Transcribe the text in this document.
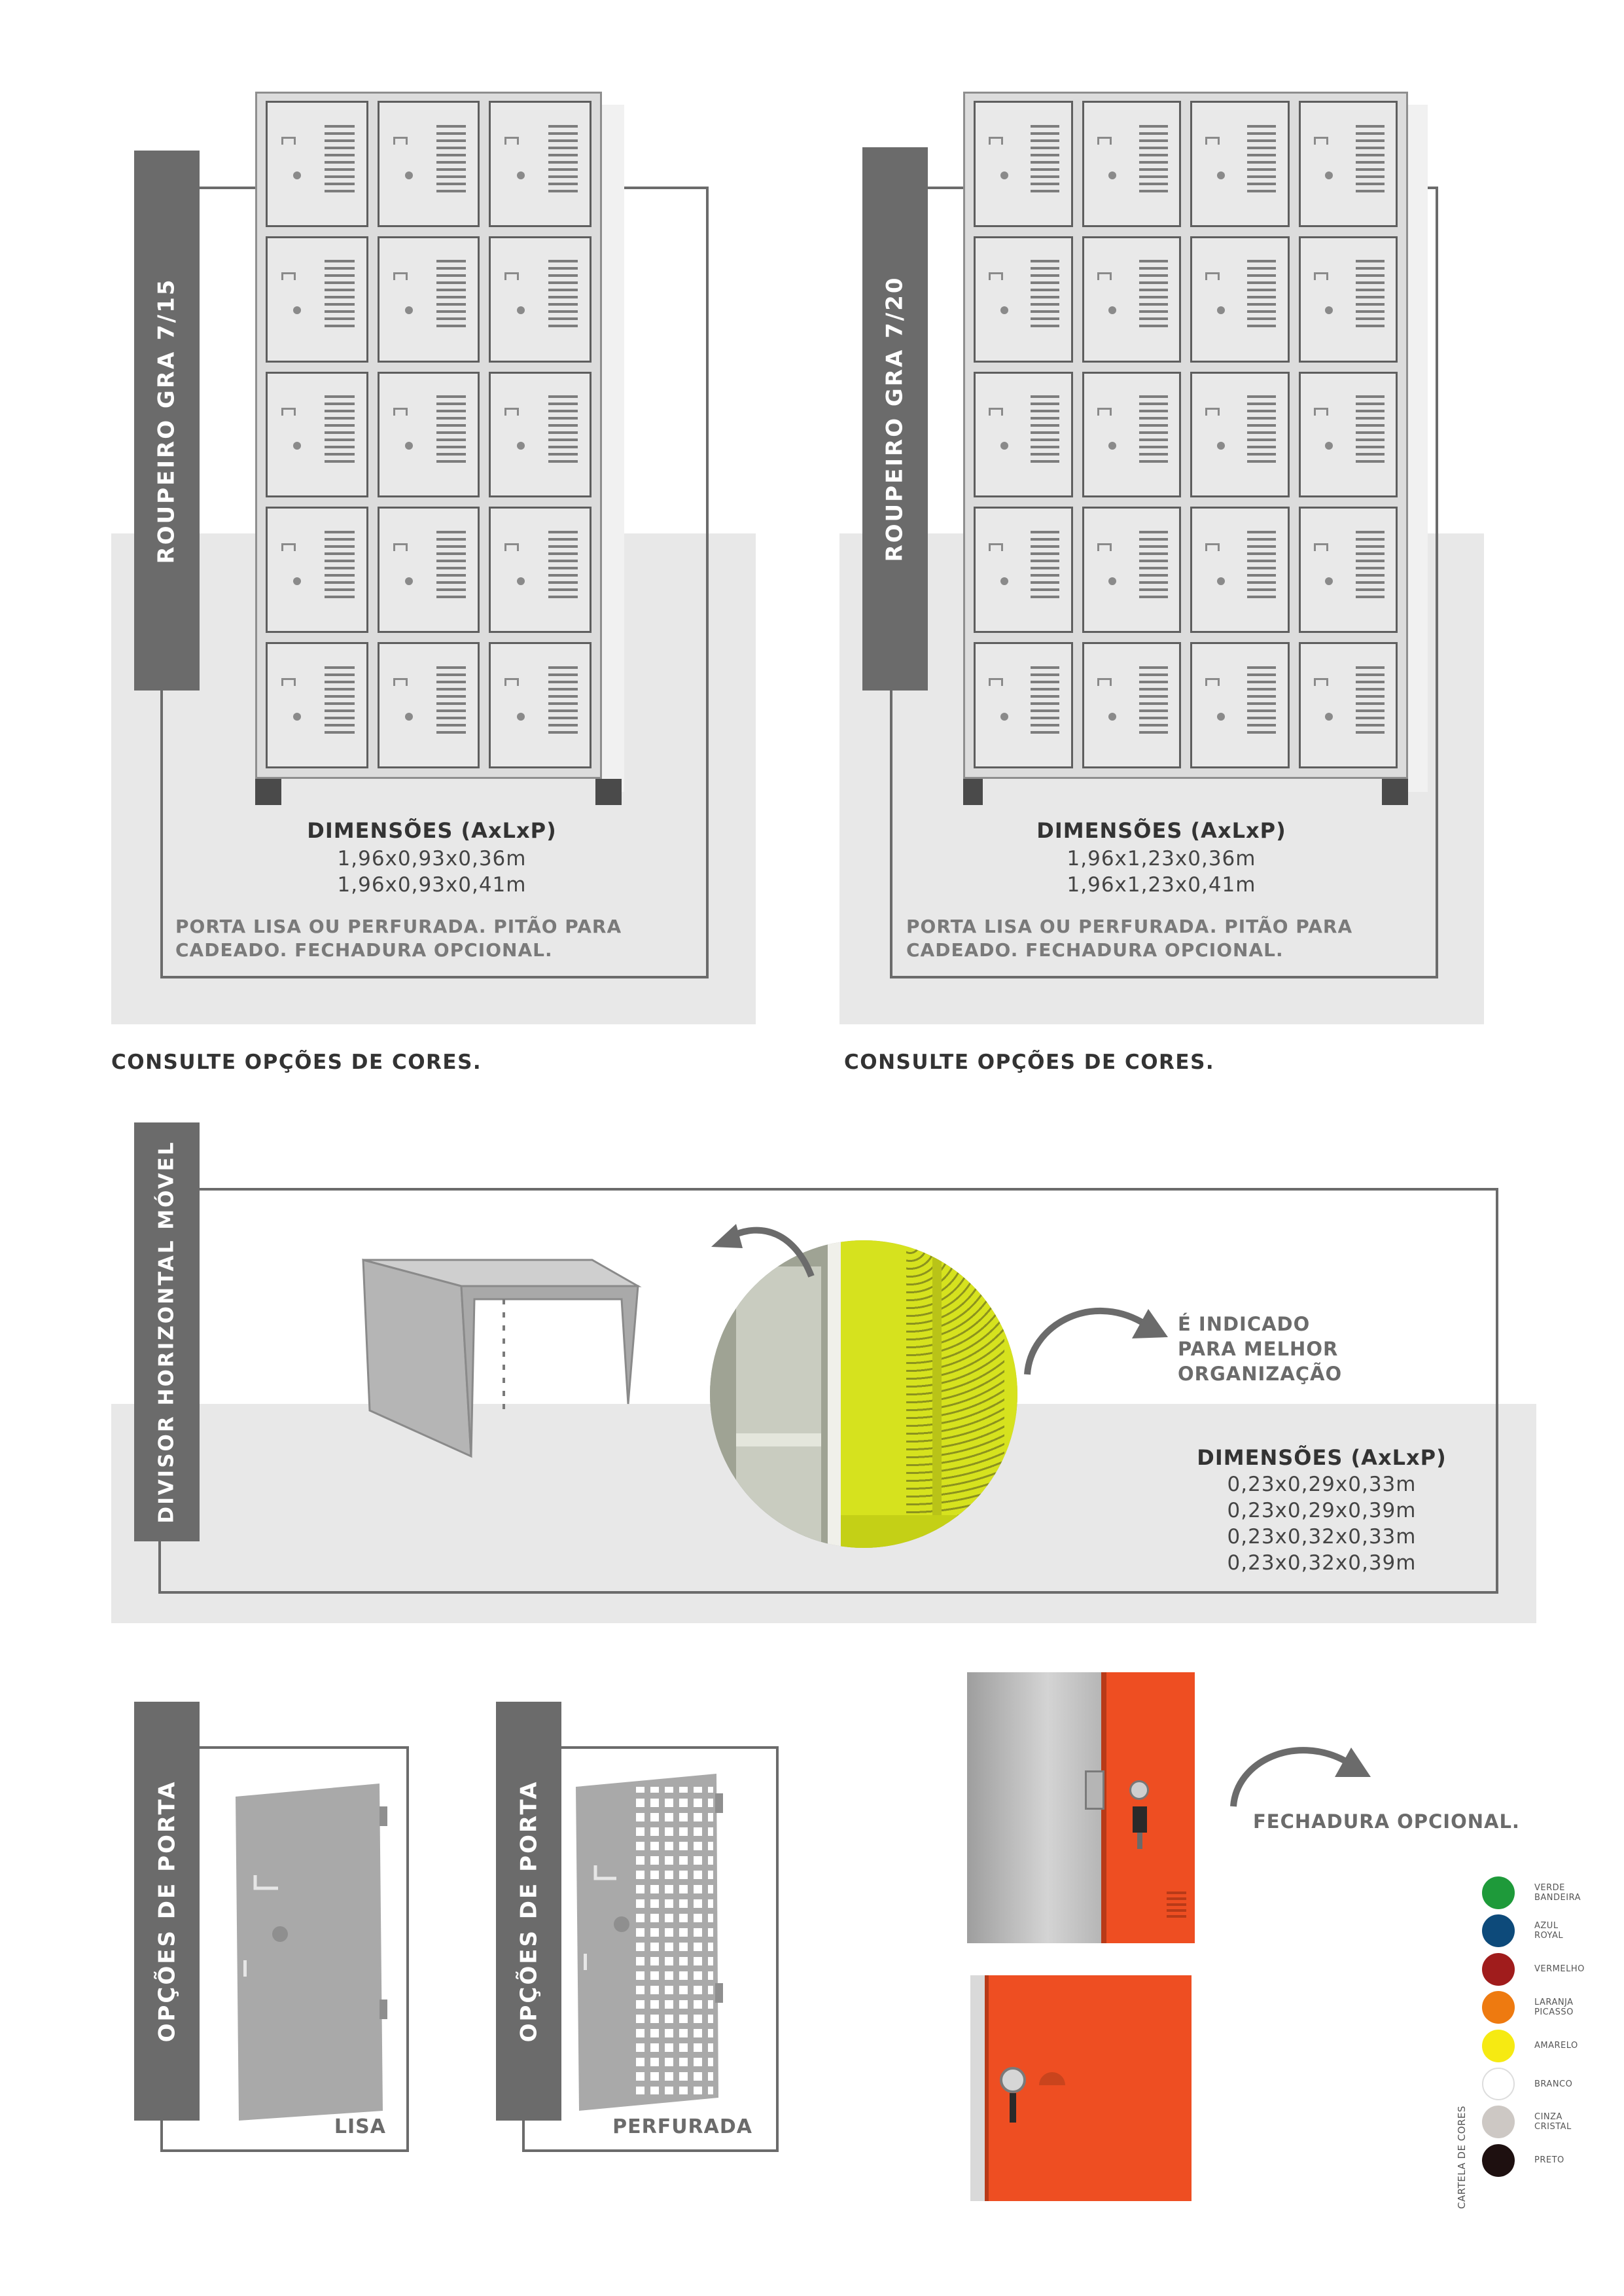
ROUPEIRO GRA 7/15
DIMENSÕES (AxLxP)
1,96x0,93x0,36m
1,96x0,93x0,41m
PORTA LISA OU PERFURADA. PITÃO PARA
CADEADO. FECHADURA OPCIONAL.
CONSULTE OPÇÕES DE CORES.
ROUPEIRO GRA 7/20
DIMENSÕES (AxLxP)
1,96x1,23x0,36m
1,96x1,23x0,41m
PORTA LISA OU PERFURADA. PITÃO PARA
CADEADO. FECHADURA OPCIONAL.
CONSULTE OPÇÕES DE CORES.
DIVISOR HORIZONTAL MÓVEL	É INDICADO
PARA MELHOR
ORGANIZAÇÃO
DIMENSÕES (AxLxP)
0,23x0,29x0,33m
0,23x0,29x0,39m
0,23x0,32x0,33m
0,23x0,32x0,39m
OPÇÕES DE PORTA
LISA
OPÇÕES DE PORTA
PERFURADA
FECHADURA OPCIONAL.
CARTELA DE CORES
VERDE
BANDEIRA
AZUL
ROYAL
VERMELHO
LARANJA
PICASSO
AMARELO
BRANCO
CINZA
CRISTAL
PRETO
